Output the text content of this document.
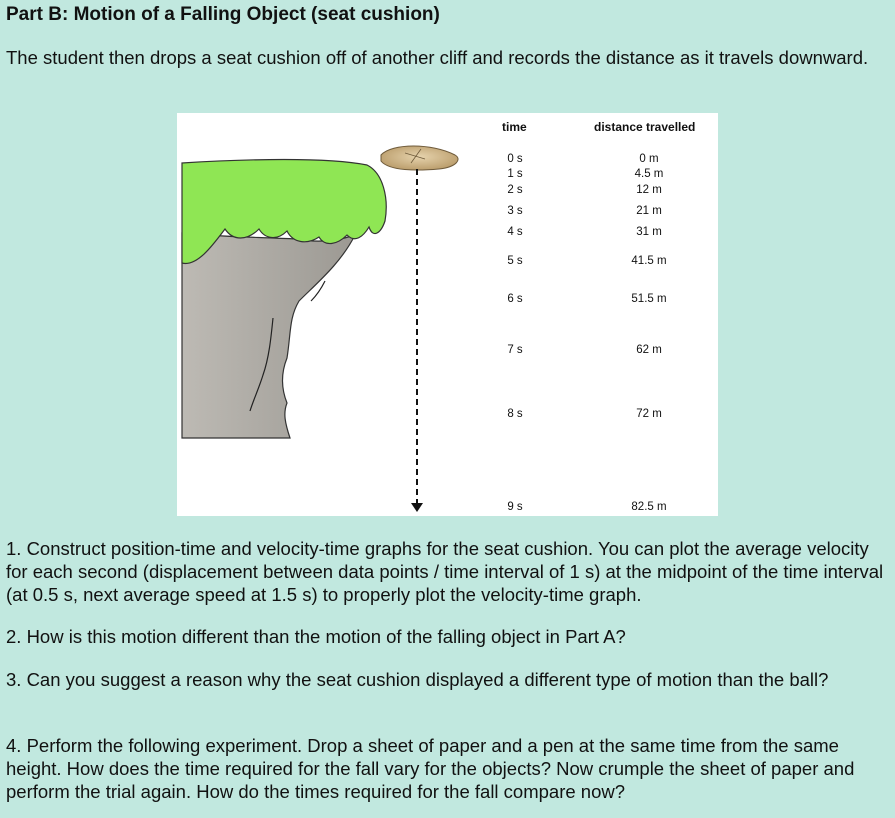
Part B: Motion of a Falling Object (seat cushion)

The student then drops a seat cushion off of another cliff and records the distance as it travels downward.

time	distance travelled
0 s
1 s
2 s
3 s
4 s
5 s
6 s
7 s
8 s
9 s
0 m
4.5 m
12 m
21 m
31 m
41.5 m
51.5 m
62 m
72 m
82.5 m

1. Construct position-time and velocity-time graphs for the seat cushion. You can plot the average velocity for each second (displacement between data points / time interval of 1 s) at the midpoint of the time interval (at 0.5 s, next average speed at 1.5 s) to properly plot the velocity-time graph.

2. How is this motion different than the motion of the falling object in Part A?

3. Can you suggest a reason why the seat cushion displayed a different type of motion than the ball?

4. Perform the following experiment. Drop a sheet of paper and a pen at the same time from the same height. How does the time required for the fall vary for the objects? Now crumple the sheet of paper and perform the trial again. How do the times required for the fall compare now?
